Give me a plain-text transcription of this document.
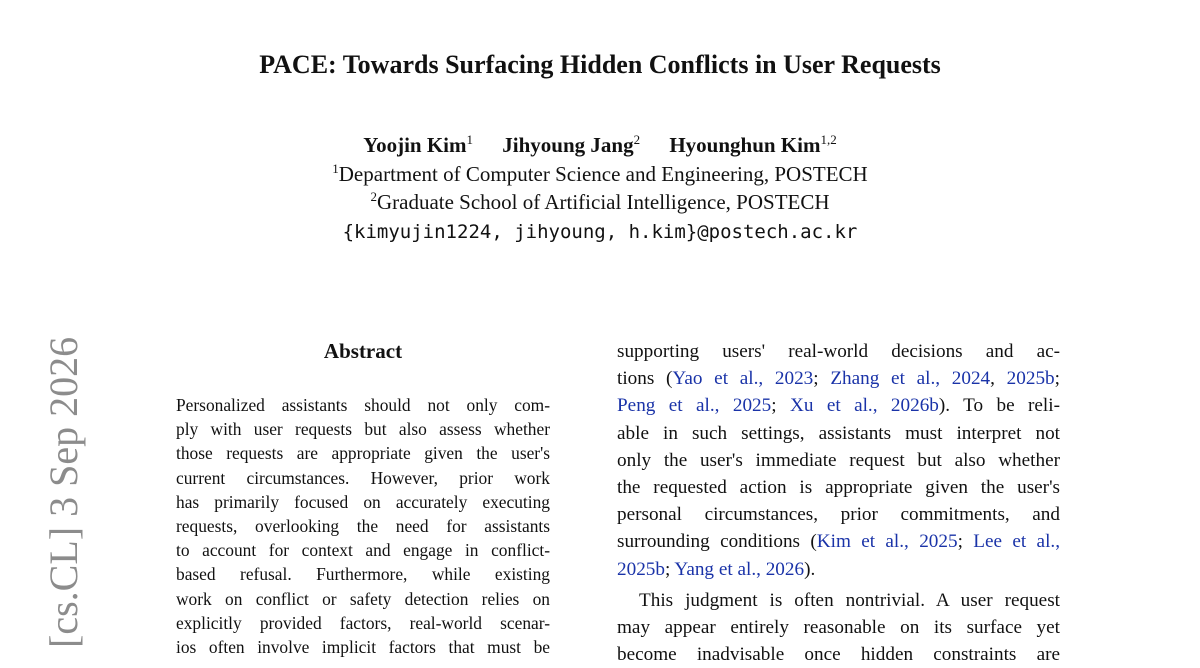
PACE: Towards Surfacing Hidden Conflicts in User Requests
Yoojin Kim$^1$ Jihyoung Jang$^2$ Hyounghun Kim$^{1,2}$
$^1$Department of Computer Science and Engineering, POSTECH
$^2$Graduate School of Artificial Intelligence, POSTECH
{kimyujin1224, jihyoung, h.kim}@postech.ac.kr
[cs.CL] 3 Sep 2026	Abstract
Personalized assistants should not only com-
ply with user requests but also assess whether
those requests are appropriate given the user's
current circumstances. However, prior work
has primarily focused on accurately executing
requests, overlooking the need for assistants
to account for context and engage in conflict-
based refusal. Furthermore, while existing
work on conflict or safety detection relies on
explicitly provided factors, real-world scenar-
ios often involve implicit factors that must be
supporting users' real-world decisions and ac-
tions (Yao et al., 2023; Zhang et al., 2024, 2025b;
Peng et al., 2025; Xu et al., 2026b). To be reli-
able in such settings, assistants must interpret not
only the user's immediate request but also whether
the requested action is appropriate given the user's
personal circumstances, prior commitments, and
surrounding conditions (Kim et al., 2025; Lee et al.,
2025b; Yang et al., 2026).
This judgment is often nontrivial. A user request
may appear entirely reasonable on its surface yet
become inadvisable once hidden constraints are
